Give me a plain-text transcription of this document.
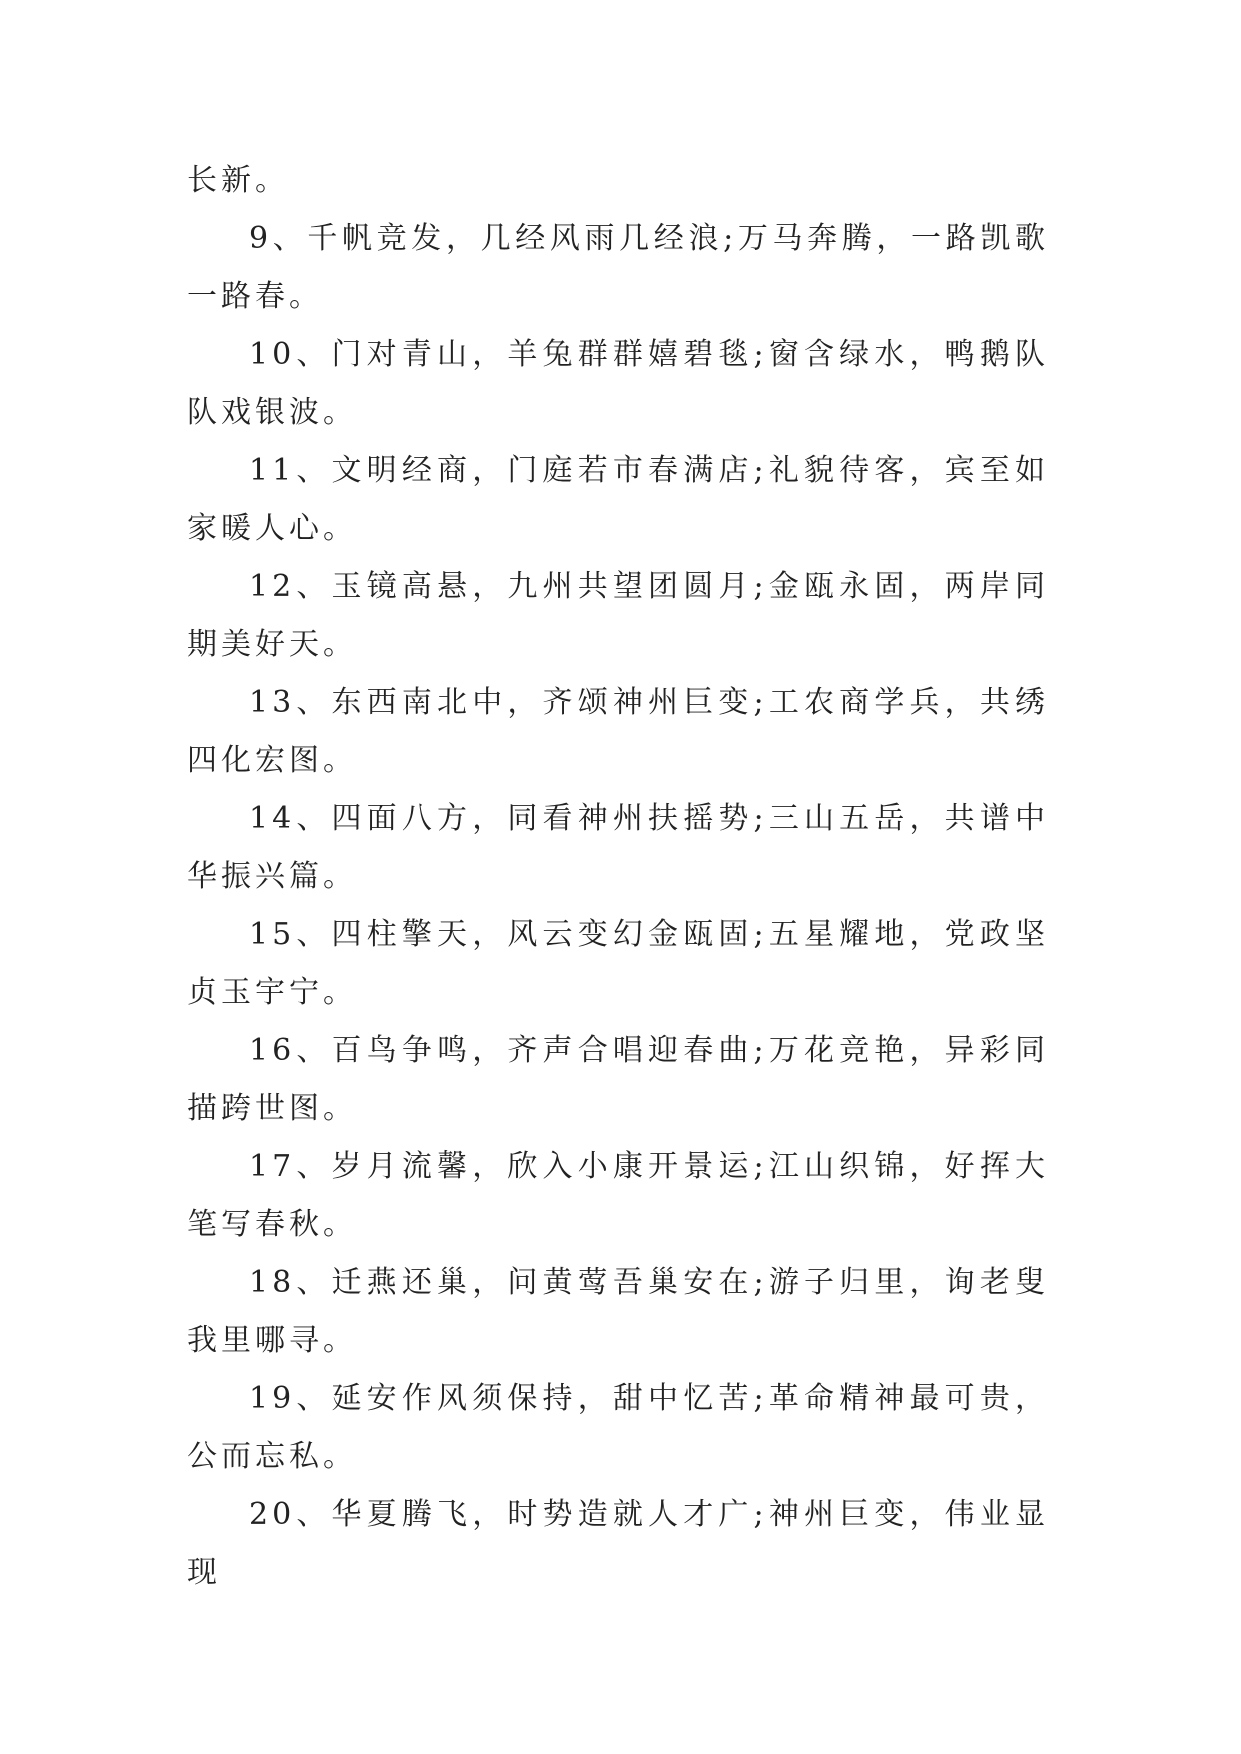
长新。

9、千帆竞发，几经风雨几经浪;万马奔腾，一路凯歌一路春。

10、门对青山，羊兔群群嬉碧毯;窗含绿水，鸭鹅队队戏银波。

11、文明经商，门庭若市春满店;礼貌待客，宾至如家暖人心。

12、玉镜高悬，九州共望团圆月;金瓯永固，两岸同期美好天。

13、东西南北中，齐颂神州巨变;工农商学兵，共绣四化宏图。

14、四面八方，同看神州扶摇势;三山五岳，共谱中华振兴篇。

15、四柱擎天，风云变幻金瓯固;五星耀地，党政坚贞玉宇宁。

16、百鸟争鸣，齐声合唱迎春曲;万花竞艳，异彩同描跨世图。

17、岁月流馨，欣入小康开景运;江山织锦，好挥大笔写春秋。

18、迁燕还巢，问黄莺吾巢安在;游子归里，询老叟我里哪寻。

19、延安作风须保持，甜中忆苦;革命精神最可贵，公而忘私。

20、华夏腾飞，时势造就人才广;神州巨变，伟业显现
